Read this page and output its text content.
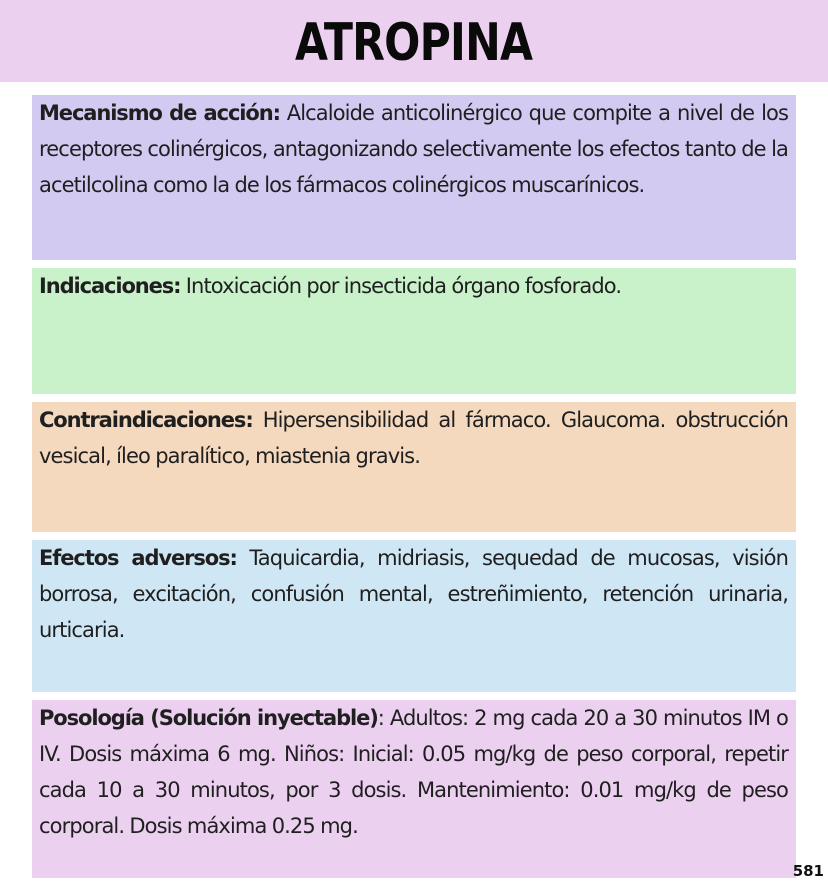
ATROPINA
Mecanismo de acción: Alcaloide anticolinérgico que compite a nivel de los receptores colinérgicos, antagonizando selectivamente los efectos tanto de la acetilcolina como la de los fármacos colinérgicos muscarínicos.
Indicaciones: Intoxicación por insecticida órgano fosforado.
Contraindicaciones: Hipersensibilidad al fármaco. Glaucoma. obstrucción vesical, íleo paralítico, miastenia gravis.
Efectos adversos: Taquicardia, midriasis, sequedad de mucosas, visión borrosa, excitación, confusión mental, estreñimiento, retención urinaria, urticaria.
Posología (Solución inyectable): Adultos: 2 mg cada 20 a 30 minutos IM o IV. Dosis máxima 6 mg. Niños: Inicial: 0.05 mg/kg de peso corporal, repetir cada 10 a 30 minutos, por 3 dosis. Mantenimiento: 0.01 mg/kg de peso corporal. Dosis máxima 0.25 mg.
581
